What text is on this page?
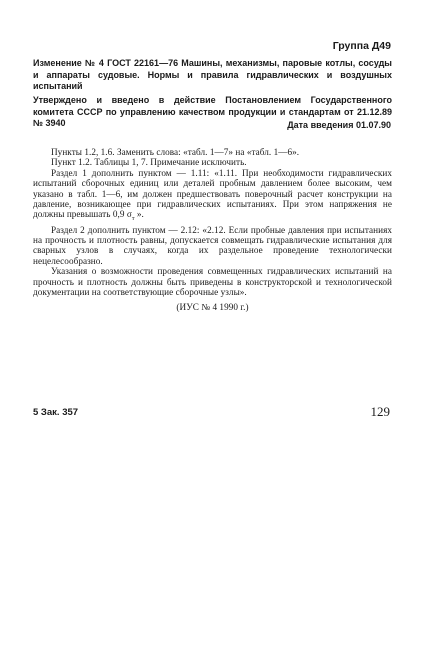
Группа Д49
Изменение № 4 ГОСТ 22161—76 Машины, механизмы, паровые котлы, сосуды и аппараты судовые. Нормы и правила гидравлических и воздушных испытаний
Утверждено и введено в действие Постановлением Государственного комитета СССР по управлению качеством продукции и стандартам от 21.12.89 № 3940	Дата введения 01.07.90

Пункты 1.2, 1.6. Заменить слова: «табл. 1—7» на «табл. 1—6».

Пункт 1.2. Таблицы 1, 7. Примечание исключить.

Раздел 1 дополнить пунктом — 1.11: «1.11. При необходимости гидравлических испытаний сборочных единиц или деталей пробным давлением более высоким, чем указано в табл. 1—6, им должен предшествовать поверочный расчет конструкции на давление, возникающее при гидравлических испытаниях. При этом напряжения не должны превышать 0,9 $\sigma_т$ ».

Раздел 2 дополнить пунктом — 2.12: «2.12. Если пробные давления при испытаниях на прочность и плотность равны, допускается совмещать гидравлические испытания для сварных узлов в случаях, когда их раздельное проведение технологически нецелесообразно.

Указания о возможности проведения совмещенных гидравлических испытаний на прочность и плотность должны быть приведены в конструкторской и технологической документации на соответствующие сборочные узлы».

(ИУС № 4 1990 г.)

5 Зак. 357	129
